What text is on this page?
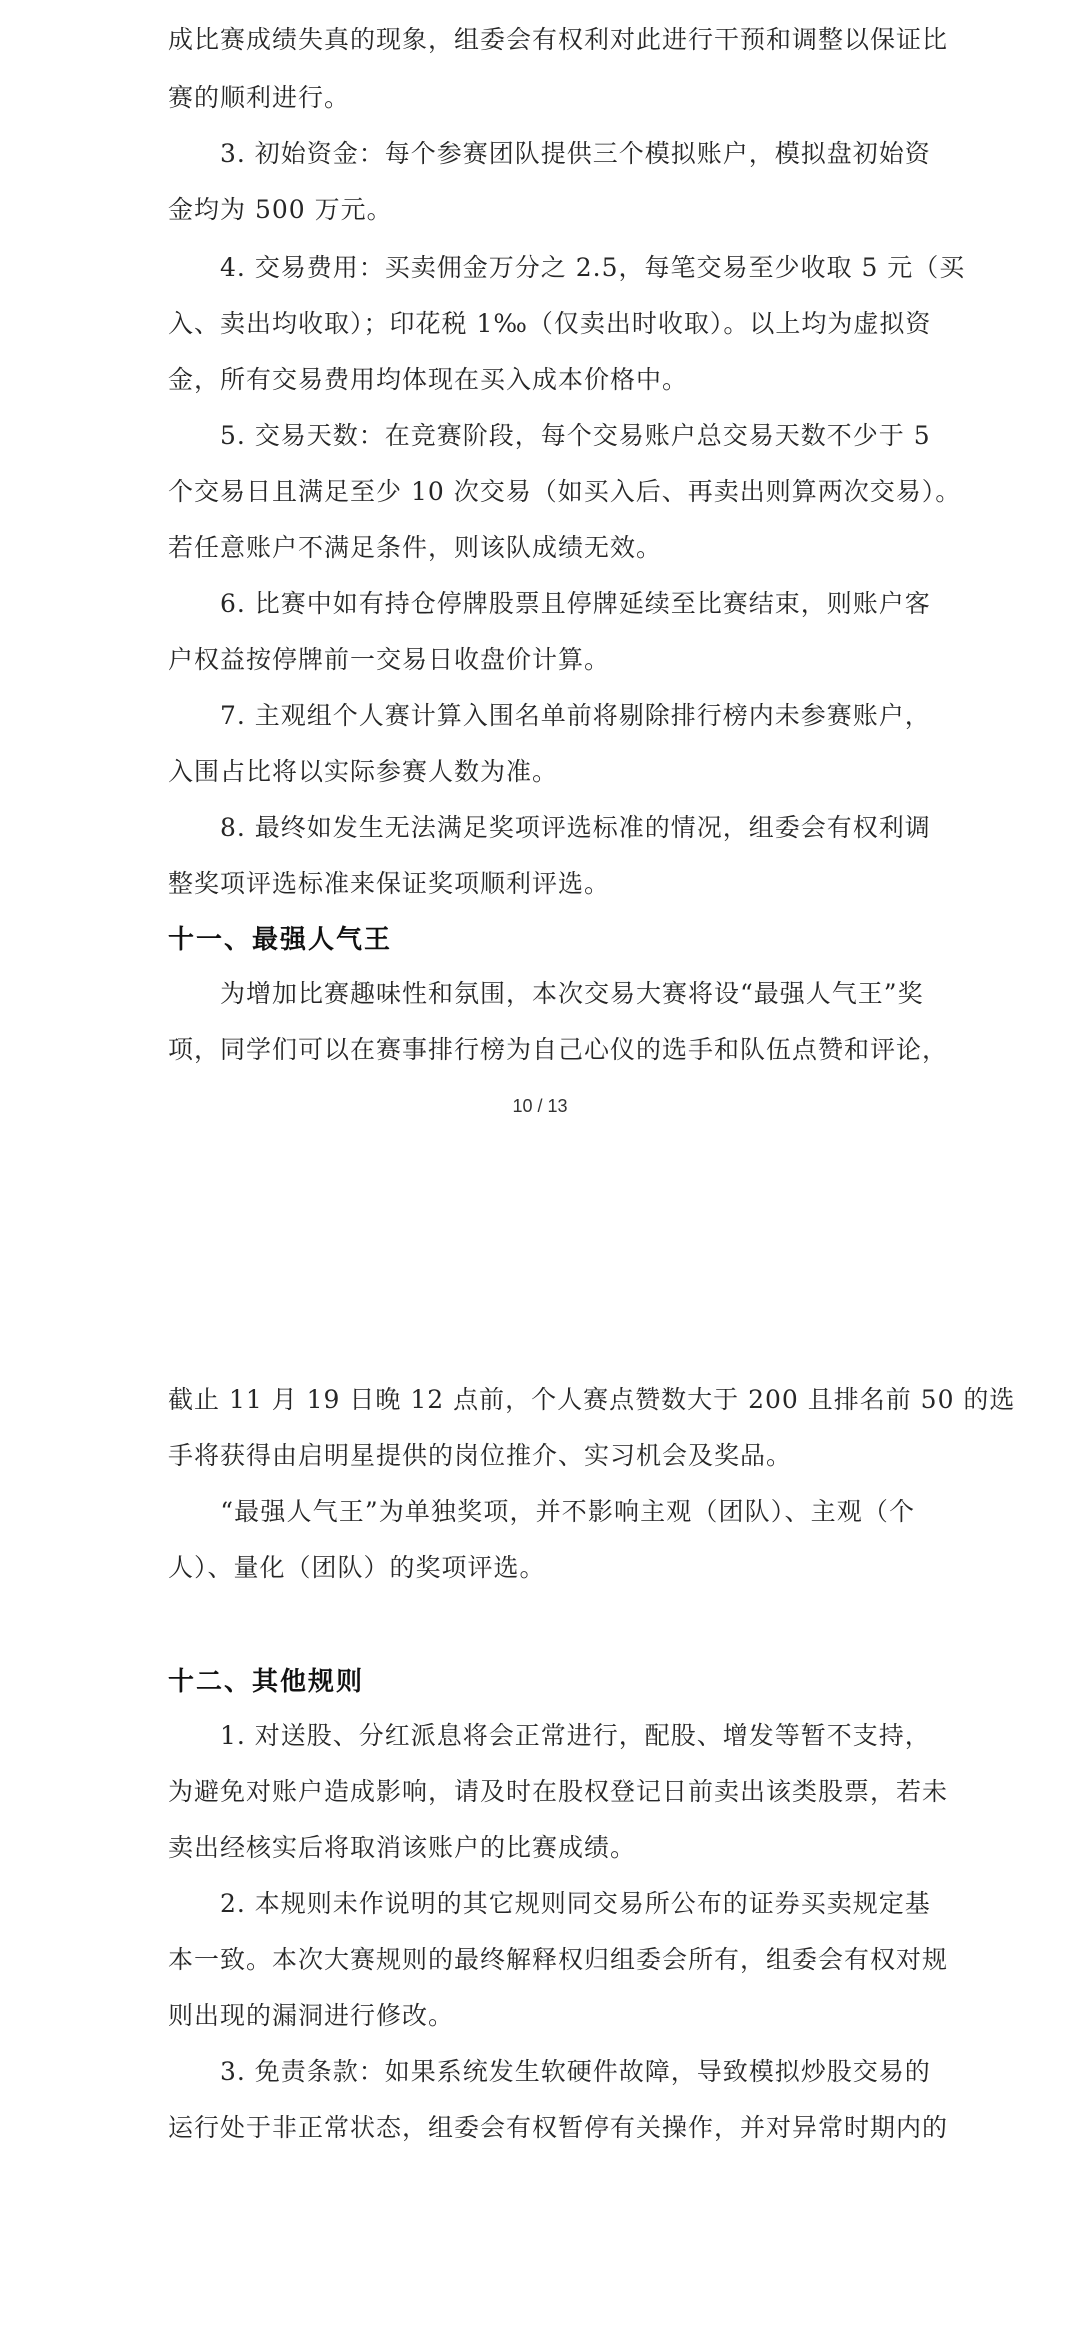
成比赛成绩失真的现象，组委会有权利对此进行干预和调整以保证比
赛的顺利进行。
　　3. 初始资金：每个参赛团队提供三个模拟账户，模拟盘初始资
金均为 500 万元。
　　4. 交易费用：买卖佣金万分之 2.5，每笔交易至少收取 5 元（买
入、卖出均收取）；印花税 1‰（仅卖出时收取）。以上均为虚拟资
金，所有交易费用均体现在买入成本价格中。
　　5. 交易天数：在竞赛阶段，每个交易账户总交易天数不少于 5
个交易日且满足至少 10 次交易（如买入后、再卖出则算两次交易）。
若任意账户不满足条件，则该队成绩无效。
　　6. 比赛中如有持仓停牌股票且停牌延续至比赛结束，则账户客
户权益按停牌前一交易日收盘价计算。
　　7. 主观组个人赛计算入围名单前将剔除排行榜内未参赛账户，
入围占比将以实际参赛人数为准。
　　8. 最终如发生无法满足奖项评选标准的情况，组委会有权利调
整奖项评选标准来保证奖项顺利评选。
十一、最强人气王
　　为增加比赛趣味性和氛围，本次交易大赛将设“最强人气王”奖
项，同学们可以在赛事排行榜为自己心仪的选手和队伍点赞和评论，
10 / 13
截止 11 月 19 日晚 12 点前，个人赛点赞数大于 200 且排名前 50 的选
手将获得由启明星提供的岗位推介、实习机会及奖品。
　　“最强人气王”为单独奖项，并不影响主观（团队）、主观（个
人）、量化（团队）的奖项评选。
十二、其他规则
　　1. 对送股、分红派息将会正常进行，配股、增发等暂不支持，
为避免对账户造成影响，请及时在股权登记日前卖出该类股票，若未
卖出经核实后将取消该账户的比赛成绩。
　　2. 本规则未作说明的其它规则同交易所公布的证券买卖规定基
本一致。本次大赛规则的最终解释权归组委会所有，组委会有权对规
则出现的漏洞进行修改。
　　3. 免责条款：如果系统发生软硬件故障，导致模拟炒股交易的
运行处于非正常状态，组委会有权暂停有关操作，并对异常时期内的
